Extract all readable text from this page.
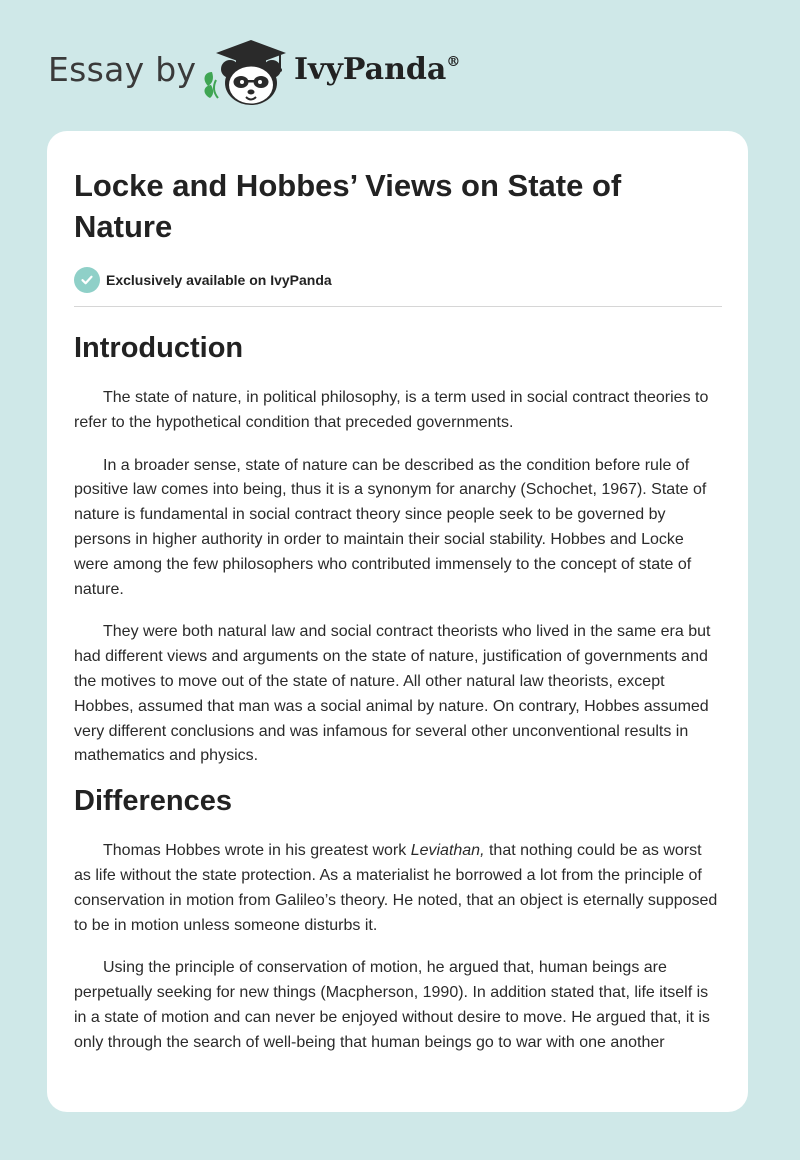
Essay by	IvyPanda®
Locke and Hobbes’ Views on State of Nature
Exclusively available on IvyPanda
Introduction

The state of nature, in political philosophy, is a term used in social contract theories to refer to the hypothetical condition that preceded governments.

In a broader sense, state of nature can be described as the condition before rule of positive law comes into being, thus it is a synonym for anarchy (Schochet, 1967). State of nature is fundamental in social contract theory since people seek to be governed by persons in higher authority in order to maintain their social stability. Hobbes and Locke were among the few philosophers who contributed immensely to the concept of state of nature.

They were both natural law and social contract theorists who lived in the same era but had different views and arguments on the state of nature, justification of governments and the motives to move out of the state of nature. All other natural law theorists, except Hobbes, assumed that man was a social animal by nature. On contrary, Hobbes assumed very different conclusions and was infamous for several other unconventional results in mathematics and physics.

Differences

Thomas Hobbes wrote in his greatest work Leviathan, that nothing could be as worst as life without the state protection. As a materialist he borrowed a lot from the principle of conservation in motion from Galileo’s theory. He noted, that an object is eternally supposed to be in motion unless someone disturbs it.

Using the principle of conservation of motion, he argued that, human beings are perpetually seeking for new things (Macpherson, 1990). In addition stated that, life itself is in a state of motion and can never be enjoyed without desire to move. He argued that, it is only through the search of well-being that human beings go to war with one another
